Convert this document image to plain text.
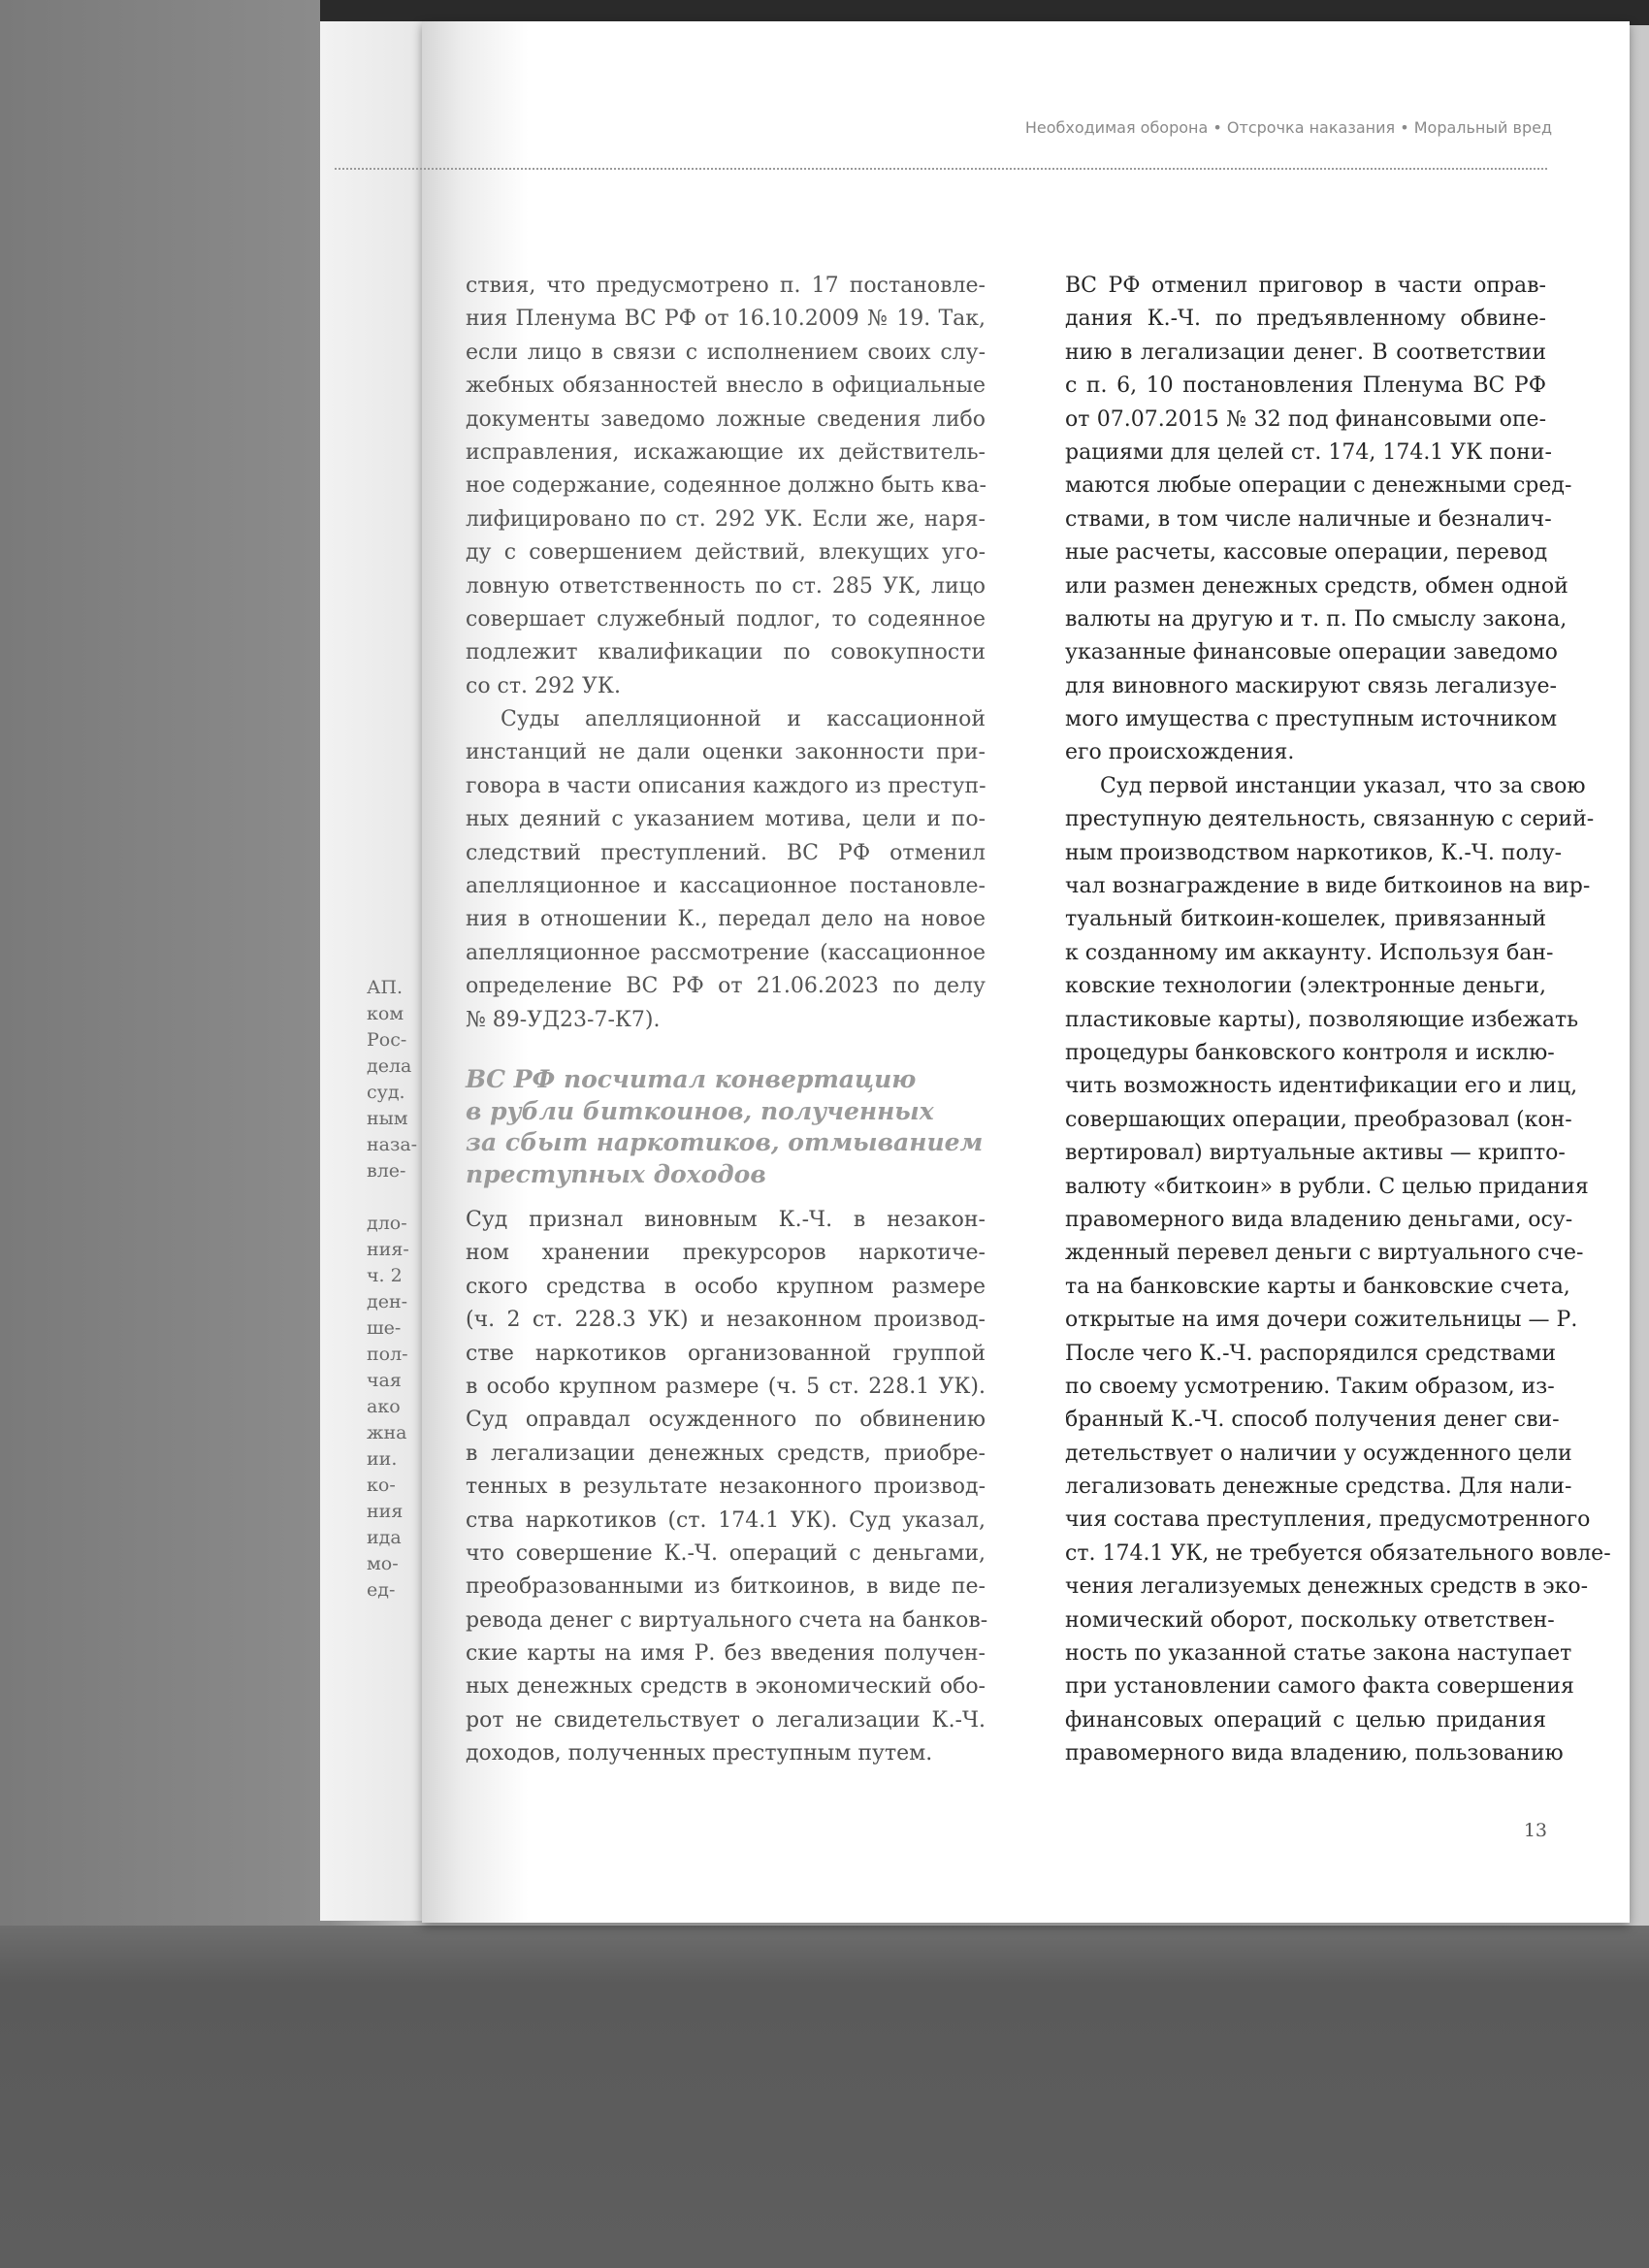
АП.
ком
Рос-
дела
суд.
ным
наза-
вле-

дло-
ния-
ч. 2
ден-
ше-
пол-
чая
ако
жна
ии.
ко-
ния
ида
мо-
ед-
Необходимая оборона • Отсрочка наказания • Моральный вред
ствия, что предусмотрено п. 17 постановле-
ния Пленума ВС РФ от 16.10.2009 № 19. Так,
если лицо в связи с исполнением своих слу-
жебных обязанностей внесло в официальные
документы заведомо ложные сведения либо
исправления, искажающие их действитель-
ное содержание, содеянное должно быть ква-
лифицировано по ст. 292 УК. Если же, наря-
ду с совершением действий, влекущих уго-
ловную ответственность по ст. 285 УК, лицо
совершает служебный подлог, то содеянное
подлежит квалификации по совокупности
со ст. 292 УК.
Суды апелляционной и кассационной
инстанций не дали оценки законности при-
говора в части описания каждого из преступ-
ных деяний с указанием мотива, цели и по-
следствий преступлений. ВС РФ отменил
апелляционное и кассационное постановле-
ния в отношении К., передал дело на новое
апелляционное рассмотрение (кассационное
определение ВС РФ от 21.06.2023 по делу
№ 89-УД23-7-К7).
ВС РФ посчитал конвертацию
в рубли биткоинов, полученных
за сбыт наркотиков, отмыванием
преступных доходов
Суд признал виновным К.-Ч. в незакон-
ном хранении прекурсоров наркотиче-
ского средства в особо крупном размере
(ч. 2 ст. 228.3 УК) и незаконном производ-
стве наркотиков организованной группой
в особо крупном размере (ч. 5 ст. 228.1 УК).
Суд оправдал осужденного по обвинению
в легализации денежных средств, приобре-
тенных в результате незаконного производ-
ства наркотиков (ст. 174.1 УК). Суд указал,
что совершение К.-Ч. операций с деньгами,
преобразованными из биткоинов, в виде пе-
ревода денег с виртуального счета на банков-
ские карты на имя Р. без введения получен-
ных денежных средств в экономический обо-
рот не свидетельствует о легализации К.-Ч.
доходов, полученных преступным путем.
ВС РФ отменил приговор в части оправ-
дания К.-Ч. по предъявленному обвине-
нию в легализации денег. В соответствии
с п. 6, 10 постановления Пленума ВС РФ
от 07.07.2015 № 32 под финансовыми опе-
рациями для целей ст. 174, 174.1 УК пони-
маются любые операции с денежными сред-
ствами, в том числе наличные и безналич-
ные расчеты, кассовые операции, перевод
или размен денежных средств, обмен одной
валюты на другую и т. п. По смыслу закона,
указанные финансовые операции заведомо
для виновного маскируют связь легализуе-
мого имущества с преступным источником
его происхождения.
Суд первой инстанции указал, что за свою
преступную деятельность, связанную с серий-
ным производством наркотиков, К.-Ч. полу-
чал вознаграждение в виде биткоинов на вир-
туальный биткоин-кошелек, привязанный
к созданному им аккаунту. Используя бан-
ковские технологии (электронные деньги,
пластиковые карты), позволяющие избежать
процедуры банковского контроля и исклю-
чить возможность идентификации его и лиц,
совершающих операции, преобразовал (кон-
вертировал) виртуальные активы — крипто-
валюту «биткоин» в рубли. С целью придания
правомерного вида владению деньгами, осу-
жденный перевел деньги с виртуального сче-
та на банковские карты и банковские счета,
открытые на имя дочери сожительницы — Р.
После чего К.-Ч. распорядился средствами
по своему усмотрению. Таким образом, из-
бранный К.-Ч. способ получения денег сви-
детельствует о наличии у осужденного цели
легализовать денежные средства. Для нали-
чия состава преступления, предусмотренного
ст. 174.1 УК, не требуется обязательного вовле-
чения легализуемых денежных средств в эко-
номический оборот, поскольку ответствен-
ность по указанной статье закона наступает
при установлении самого факта совершения
финансовых операций с целью придания
правомерного вида владению, пользованию
13
